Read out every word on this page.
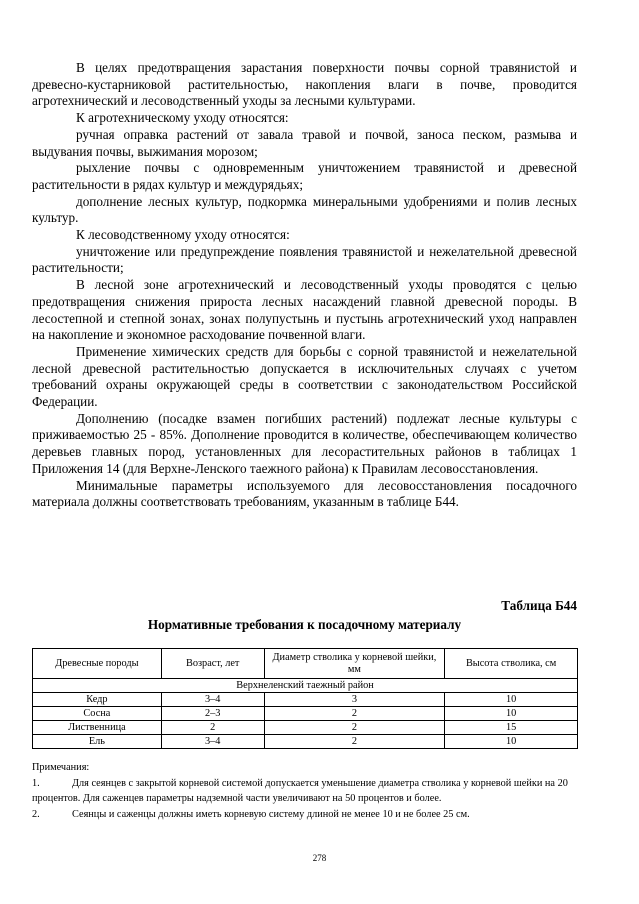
В целях предотвращения зарастания поверхности почвы сорной травянистой и древесно-кустарниковой растительностью, накопления влаги в почве, проводится агротехнический и лесоводственный уходы за лесными культурами.

К агротехническому уходу относятся:

ручная оправка растений от завала травой и почвой, заноса песком, размыва и выдувания почвы, выжимания морозом;

рыхление почвы с одновременным уничтожением травянистой и древесной растительности в рядах культур и междурядьях;

дополнение лесных культур, подкормка минеральными удобрениями и полив лесных культур.

К лесоводственному уходу относятся:

уничтожение или предупреждение появления травянистой и нежелательной древесной растительности;

В лесной зоне агротехнический и лесоводственный уходы проводятся с целью предотвращения снижения прироста лесных насаждений главной древесной породы. В лесостепной и степной зонах, зонах полупустынь и пустынь агротехнический уход направлен на накопление и экономное расходование почвенной влаги.

Применение химических средств для борьбы с сорной травянистой и нежелательной лесной древесной растительностью допускается в исключительных случаях с учетом требований охраны окружающей среды в соответствии с законодательством Российской Федерации.

Дополнению (посадке взамен погибших растений) подлежат лесные культуры с приживаемостью 25 - 85%. Дополнение проводится в количестве, обеспечивающем количество деревьев главных пород, установленных для лесорастительных районов в таблицах 1 Приложения 14 (для Верхне-Ленского таежного района) к Правилам лесовосстановления.

Минимальные параметры используемого для лесовосстановления посадочного материала должны соответствовать требованиям, указанным в таблице Б44.

Таблица Б44
Нормативные требования к посадочному материалу
Древесные породы	Возраст, лет	Диаметр стволика у корневой шейки, мм	Высота стволика, см
Верхнеленский таежный район			
Кедр	3–4	3	10
Сосна	2–3	2	10
Лиственница	2	2	15
Ель	3–4	2	10

Примечания:

1.	Для сеянцев с закрытой корневой системой допускается уменьшение диаметра стволика у корневой шейки на 20 процентов. Для саженцев параметры надземной части увеличивают на 50 процентов и более.

2.	Сеянцы и саженцы должны иметь корневую систему длиной не менее 10 и не более 25 см.

278
